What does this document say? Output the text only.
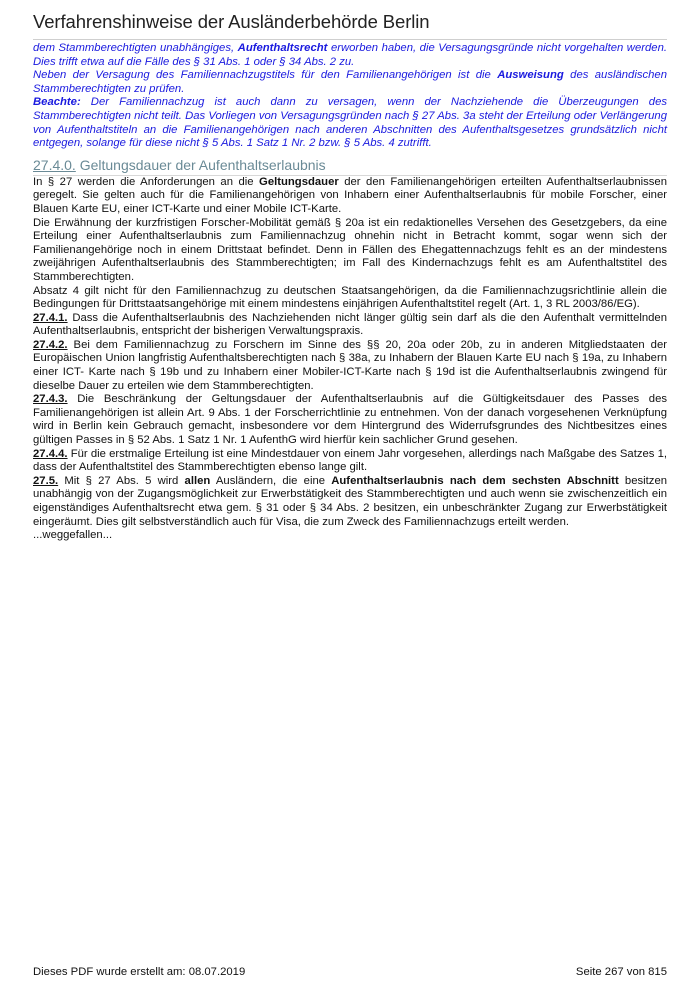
Verfahrenshinweise der Ausländerbehörde Berlin

dem Stammberechtigten unabhängiges, Aufenthaltsrecht erworben haben, die Versagungsgründe nicht vorgehalten werden. Dies trifft etwa auf die Fälle des § 31 Abs. 1 oder § 34 Abs. 2 zu.

Neben der Versagung des Familiennachzugstitels für den Familienangehörigen ist die Ausweisung des ausländischen Stammberechtigten zu prüfen.

Beachte: Der Familiennachzug ist auch dann zu versagen, wenn der Nachziehende die Überzeugungen des Stammberechtigten nicht teilt. Das Vorliegen von Versagungsgründen nach § 27 Abs. 3a steht der Erteilung oder Verlängerung von Aufenthaltstiteln an die Familienangehörigen nach anderen Abschnitten des Aufenthaltsgesetzes grundsätzlich nicht entgegen, solange für diese nicht § 5 Abs. 1 Satz 1 Nr. 2 bzw. § 5 Abs. 4 zutrifft.

27.4.0. Geltungsdauer der Aufenthaltserlaubnis

In § 27 werden die Anforderungen an die Geltungsdauer der den Familienangehörigen erteilten Aufenthaltserlaubnissen geregelt. Sie gelten auch für die Familienangehörigen von Inhabern einer Aufenthaltserlaubnis für mobile Forscher, einer Blauen Karte EU, einer ICT-Karte und einer Mobile ICT-Karte.

Die Erwähnung der kurzfristigen Forscher-Mobilität gemäß § 20a ist ein redaktionelles Versehen des Gesetzgebers, da eine Erteilung einer Aufenthaltserlaubnis zum Familiennachzug ohnehin nicht in Betracht kommt, sogar wenn sich der Familienangehörige noch in einem Drittstaat befindet. Denn in Fällen des Ehegattennachzugs fehlt es an der mindestens zweijährigen Aufenthaltserlaubnis des Stammberechtigten; im Fall des Kindernachzugs fehlt es am Aufenthaltstitel des Stammberechtigten.

Absatz 4 gilt nicht für den Familiennachzug zu deutschen Staatsangehörigen, da die Familiennachzugsrichtlinie allein die Bedingungen für Drittstaatsangehörige mit einem mindestens einjährigen Aufenthaltstitel regelt (Art. 1, 3 RL 2003/86/EG).

27.4.1. Dass die Aufenthaltserlaubnis des Nachziehenden nicht länger gültig sein darf als die den Aufenthalt vermittelnden Aufenthaltserlaubnis, entspricht der bisherigen Verwaltungspraxis.

27.4.2. Bei dem Familiennachzug zu Forschern im Sinne des §§ 20, 20a oder 20b, zu in anderen Mitgliedstaaten der Europäischen Union langfristig Aufenthaltsberechtigten nach § 38a, zu Inhabern der Blauen Karte EU nach § 19a, zu Inhabern einer ICT- Karte nach § 19b und zu Inhabern einer Mobiler-ICT-Karte nach § 19d ist die Aufenthaltserlaubnis zwingend für dieselbe Dauer zu erteilen wie dem Stammberechtigten.

27.4.3. Die Beschränkung der Geltungsdauer der Aufenthaltserlaubnis auf die Gültigkeitsdauer des Passes des Familienangehörigen ist allein Art. 9 Abs. 1 der Forscherrichtlinie zu entnehmen. Von der danach vorgesehenen Verknüpfung wird in Berlin kein Gebrauch gemacht, insbesondere vor dem Hintergrund des Widerrufsgrundes des Nichtbesitzes eines gültigen Passes in § 52 Abs. 1 Satz 1 Nr. 1 AufenthG wird hierfür kein sachlicher Grund gesehen.

27.4.4. Für die erstmalige Erteilung ist eine Mindestdauer von einem Jahr vorgesehen, allerdings nach Maßgabe des Satzes 1, dass der Aufenthaltstitel des Stammberechtigten ebenso lange gilt.

27.5. Mit § 27 Abs. 5 wird allen Ausländern, die eine Aufenthaltserlaubnis nach dem sechsten Abschnitt besitzen unabhängig von der Zugangsmöglichkeit zur Erwerbstätigkeit des Stammberechtigten und auch wenn sie zwischenzeitlich ein eigenständiges Aufenthaltsrecht etwa gem. § 31 oder § 34 Abs. 2 besitzen, ein unbeschränkter Zugang zur Erwerbstätigkeit eingeräumt. Dies gilt selbstverständlich auch für Visa, die zum Zweck des Familiennachzugs erteilt werden.

...weggefallen...

Dieses PDF wurde erstellt am: 08.07.2019	Seite 267 von 815
